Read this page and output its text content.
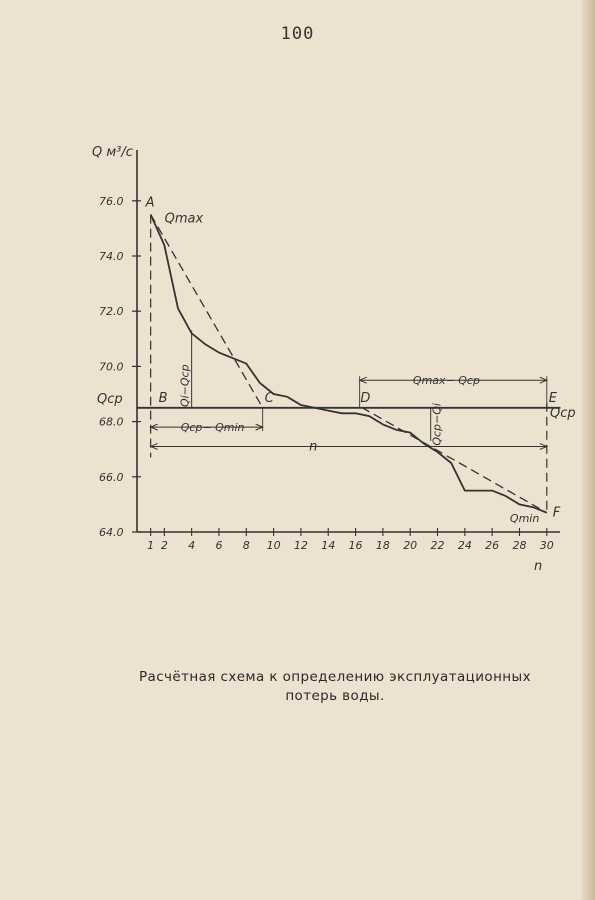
100
Q м³/с
n
64.0
66.0
68.0
70.0
72.0
74.0
76.0
1 2 4 6 8 10 12 14 16 18 20 22 24 26 28 30
Qср
Qср
A
B	C	D	E
F
Qmax
Qmin
Qi−Qср
Qср−Qi
Qср− Qmin
n
Qmax− Qср
Расчётная схема к определению эксплуатационных
потерь воды.
